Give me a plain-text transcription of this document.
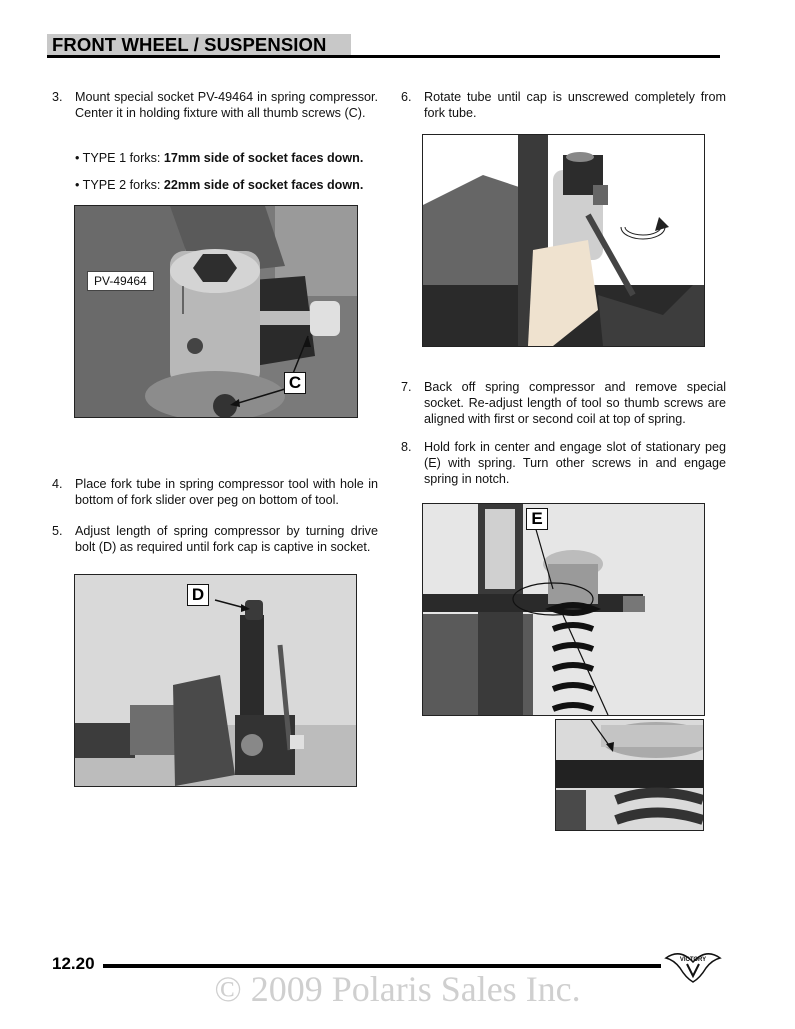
FRONT WHEEL / SUSPENSION
3. Mount special socket PV-49464 in spring compressor. Center it in holding fixture with all thumb screws (C).
• TYPE 1 forks: 17mm side of socket faces down.
• TYPE 2 forks: 22mm side of socket faces down.
PV-49464
C
4. Place fork tube in spring compressor tool with hole in bottom of fork slider over peg on bottom of tool.
5. Adjust length of spring compressor by turning drive bolt (D) as required until fork cap is captive in socket.
D
6. Rotate tube until cap is unscrewed completely from fork tube.
7. Back off spring compressor and remove special socket. Re-adjust length of tool so thumb screws are aligned with first or second coil at top of spring.
8. Hold fork in center and engage slot of stationary peg (E) with spring. Turn other screws in and engage spring in notch.
E
12.20
© 2009 Polaris Sales Inc.
VICTORY
